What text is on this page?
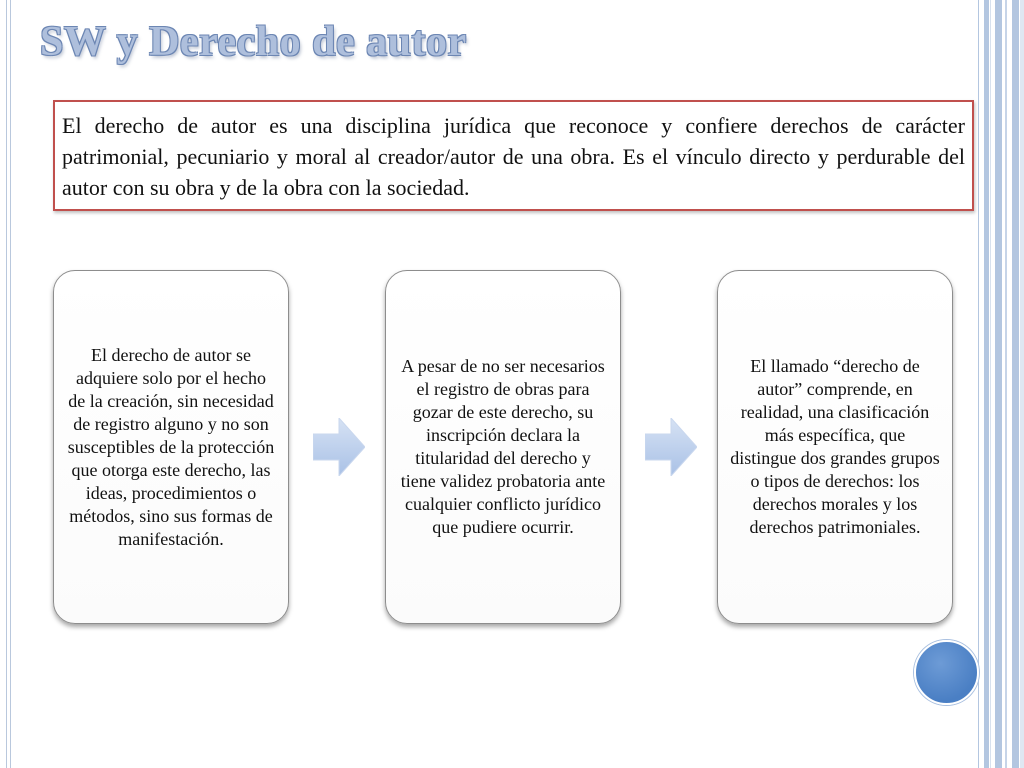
SW y Derecho de autor
El derecho de autor es una disciplina jurídica que reconoce y confiere derechos de carácter patrimonial, pecuniario y moral al creador/autor de una obra. Es el vínculo directo y perdurable del autor con su obra y de la obra con la sociedad.

El derecho de autor se adquiere solo por el hecho de la creación, sin necesidad de registro alguno y no son susceptibles de la protección que otorga este derecho, las ideas, procedimientos o métodos, sino sus formas de manifestación.

A pesar de no ser necesarios el registro de obras para gozar de este derecho, su inscripción declara la titularidad del derecho y tiene validez probatoria ante cualquier conflicto jurídico que pudiere ocurrir.

El llamado “derecho de autor” comprende, en realidad, una clasificación más específica, que distingue dos grandes grupos o tipos de derechos: los derechos morales y los derechos patrimoniales.
